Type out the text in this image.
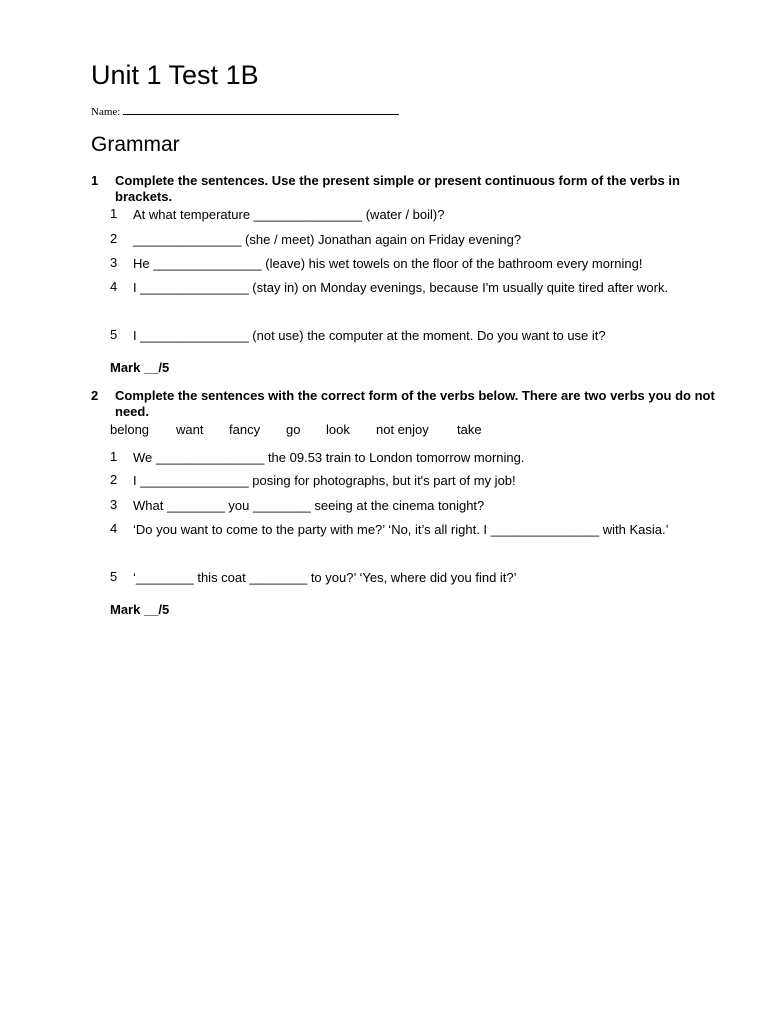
Unit 1 Test 1B
Name:
Grammar
1 Complete the sentences. Use the present simple or present continuous form of the verbs in brackets.
1 At what temperature _______________ (water / boil)?
2 _______________ (she / meet) Jonathan again on Friday evening?
3 He _______________ (leave) his wet towels on the floor of the bathroom every morning!
4 I _______________ (stay in) on Monday evenings, because I'm usually quite tired after work.
5 I _______________ (not use) the computer at the moment. Do you want to use it?
Mark __/5
2 Complete the sentences with the correct form of the verbs below. There are two verbs you do not need.
belong want fancy go look not enjoy take
1 We _______________ the 09.53 train to London tomorrow morning.
2 I _______________ posing for photographs, but it's part of my job!
3 What ________ you ________ seeing at the cinema tonight?
4 ‘Do you want to come to the party with me?’ ‘No, it’s all right. I _______________ with Kasia.’
5 ‘________ this coat ________ to you?’ ‘Yes, where did you find it?’
Mark __/5
